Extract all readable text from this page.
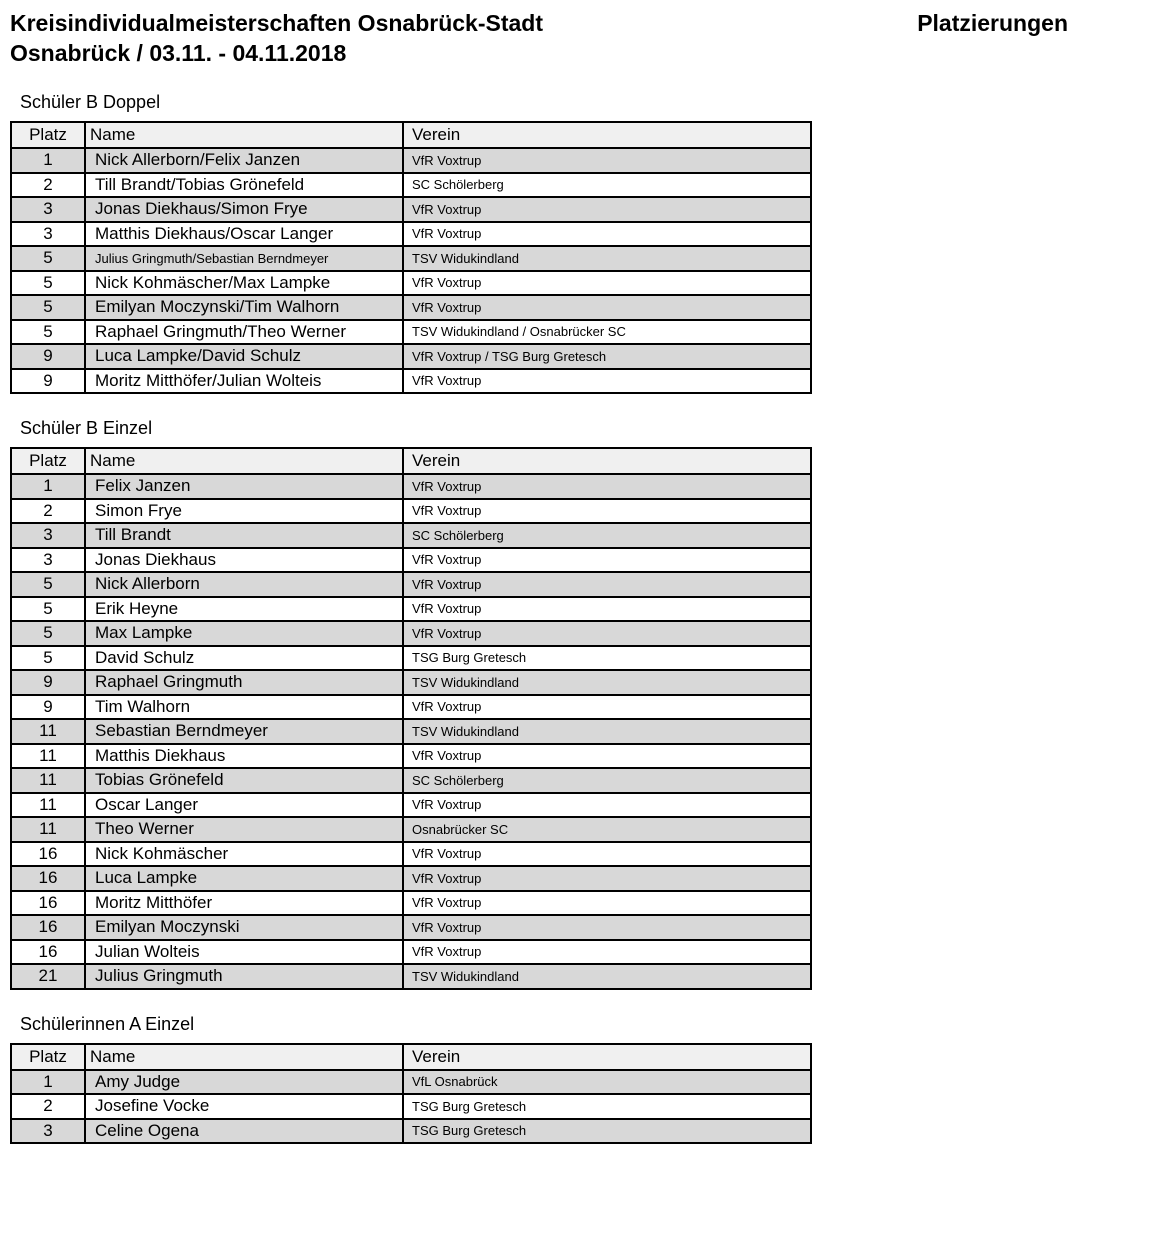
Kreisindividualmeisterschaften Osnabrück-Stadt
Osnabrück / 03.11. - 04.11.2018
Platzierungen
Schüler B Doppel
Platz	Name	Verein
1	Nick Allerborn/Felix Janzen	VfR Voxtrup
2	Till Brandt/Tobias Grönefeld	SC Schölerberg
3	Jonas Diekhaus/Simon Frye	VfR Voxtrup
3	Matthis Diekhaus/Oscar Langer	VfR Voxtrup
5	Julius Gringmuth/Sebastian Berndmeyer	TSV Widukindland
5	Nick Kohmäscher/Max Lampke	VfR Voxtrup
5	Emilyan Moczynski/Tim Walhorn	VfR Voxtrup
5	Raphael Gringmuth/Theo Werner	TSV Widukindland / Osnabrücker SC
9	Luca Lampke/David Schulz	VfR Voxtrup / TSG Burg Gretesch
9	Moritz Mitthöfer/Julian Wolteis	VfR Voxtrup
Schüler B Einzel
Platz	Name	Verein
1	Felix Janzen	VfR Voxtrup
2	Simon Frye	VfR Voxtrup
3	Till Brandt	SC Schölerberg
3	Jonas Diekhaus	VfR Voxtrup
5	Nick Allerborn	VfR Voxtrup
5	Erik Heyne	VfR Voxtrup
5	Max Lampke	VfR Voxtrup
5	David Schulz	TSG Burg Gretesch
9	Raphael Gringmuth	TSV Widukindland
9	Tim Walhorn	VfR Voxtrup
11	Sebastian Berndmeyer	TSV Widukindland
11	Matthis Diekhaus	VfR Voxtrup
11	Tobias Grönefeld	SC Schölerberg
11	Oscar Langer	VfR Voxtrup
11	Theo Werner	Osnabrücker SC
16	Nick Kohmäscher	VfR Voxtrup
16	Luca Lampke	VfR Voxtrup
16	Moritz Mitthöfer	VfR Voxtrup
16	Emilyan Moczynski	VfR Voxtrup
16	Julian Wolteis	VfR Voxtrup
21	Julius Gringmuth	TSV Widukindland
Schülerinnen A Einzel
Platz	Name	Verein
1	Amy Judge	VfL Osnabrück
2	Josefine Vocke	TSG Burg Gretesch
3	Celine Ogena	TSG Burg Gretesch
